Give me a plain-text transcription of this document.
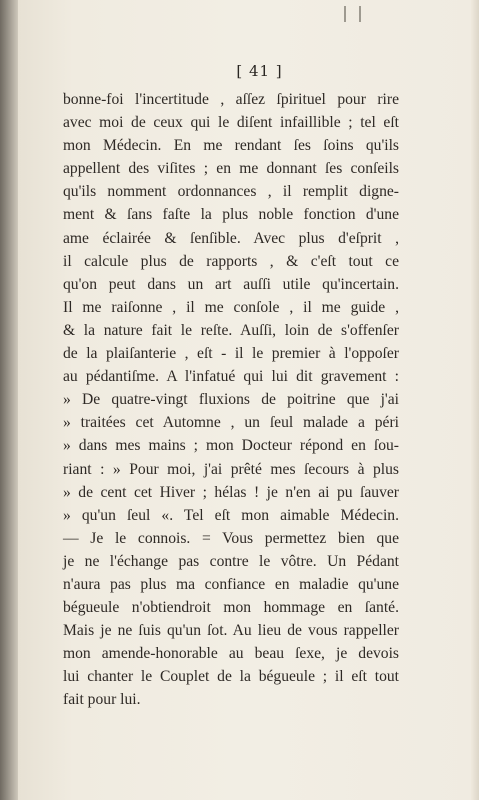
[ 41 ]
bonne-foi l'incertitude , aſſez ſpirituel pour rire
avec moi de ceux qui le diſent infaillible ; tel eſt
mon Médecin. En me rendant ſes ſoins qu'ils
appellent des viſites ; en me donnant ſes conſeils
qu'ils nomment ordonnances , il remplit digne-
ment & ſans faſte la plus noble fonction d'une
ame éclairée & ſenſible. Avec plus d'eſprit ,
il calcule plus de rapports , & c'eſt tout ce
qu'on peut dans un art auſſi utile qu'incertain.
Il me raiſonne , il me conſole , il me guide ,
& la nature fait le reſte. Auſſi, loin de s'offenſer
de la plaiſanterie , eſt - il le premier à l'oppoſer
au pédantiſme. A l'infatué qui lui dit gravement :
» De quatre-vingt fluxions de poitrine que j'ai
» traitées cet Automne , un ſeul malade a péri
» dans mes mains ; mon Docteur répond en ſou-
riant : » Pour moi, j'ai prêté mes ſecours à plus
» de cent cet Hiver ; hélas ! je n'en ai pu ſauver
» qu'un ſeul «. Tel eſt mon aimable Médecin.
— Je le connois. = Vous permettez bien que
je ne l'échange pas contre le vôtre. Un Pédant
n'aura pas plus ma confiance en maladie qu'une
bégueule n'obtiendroit mon hommage en ſanté.
Mais je ne ſuis qu'un ſot. Au lieu de vous rappeller
mon amende-honorable au beau ſexe, je devois
lui chanter le Couplet de la bégueule ; il eſt tout
fait pour lui.
